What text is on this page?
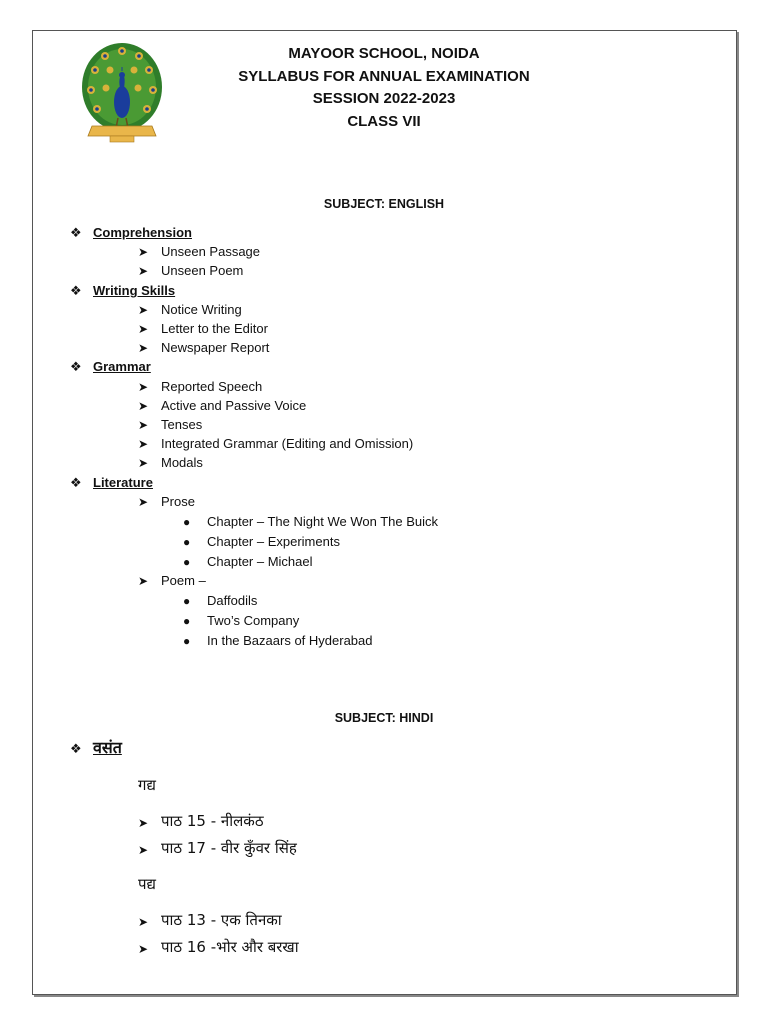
MAYOOR SCHOOL, NOIDA
SYLLABUS FOR ANNUAL EXAMINATION
SESSION 2022-2023
CLASS VII
SUBJECT: ENGLISH
❖ Comprehension
➤ Unseen Passage
➤ Unseen Poem
❖ Writing Skills
➤ Notice Writing
➤ Letter to the Editor
➤ Newspaper Report
❖ Grammar
➤ Reported Speech
➤ Active and Passive Voice
➤ Tenses
➤ Integrated Grammar (Editing and Omission)
➤ Modals
❖ Literature
➤ Prose
● Chapter – The Night We Won The Buick
● Chapter – Experiments
● Chapter – Michael
➤ Poem –
● Daffodils
● Two’s Company
● In the Bazaars of Hyderabad
SUBJECT: HINDI
❖ वसंत
गद्य
➤ पाठ 15 - नीलकंठ
➤ पाठ 17 - वीर कुँवर सिंह
पद्य
➤ पाठ 13 - एक तिनका
➤ पाठ 16 -भोर और बरखा
